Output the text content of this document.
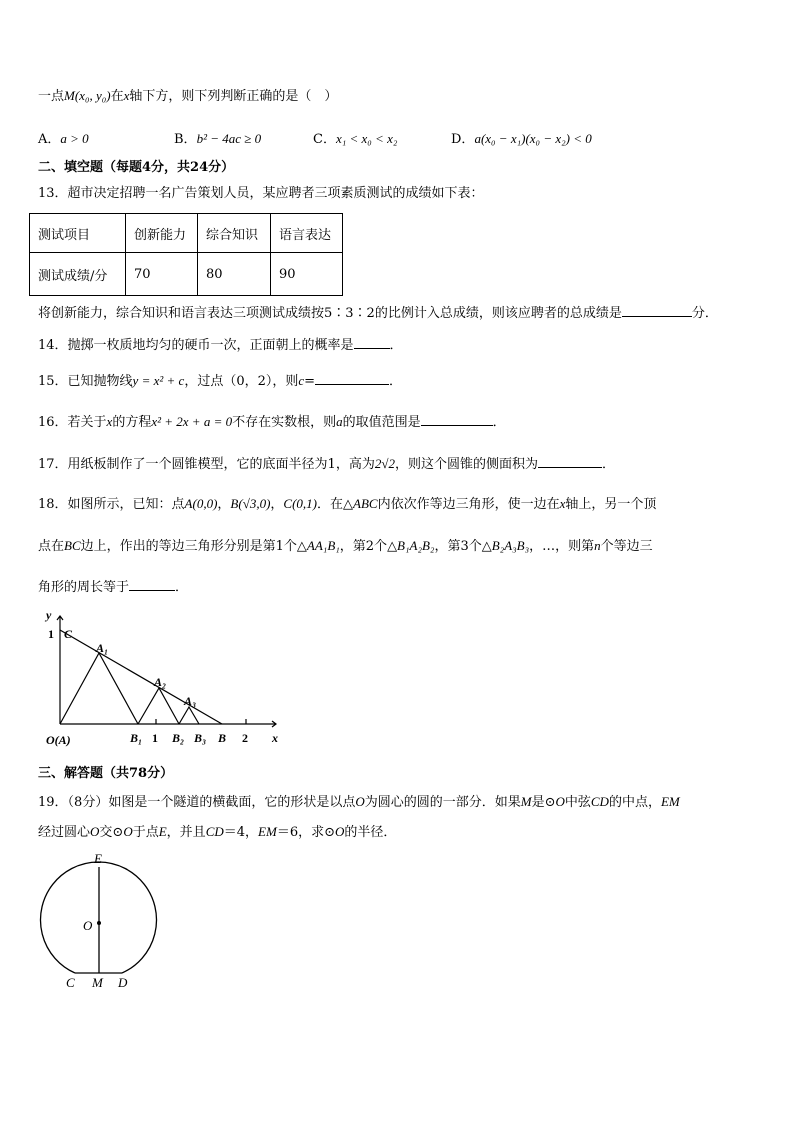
一点M(x₀, y₀)在x轴下方，则下列判断正确的是（　）
A．a > 0	B．b² − 4ac ≥ 0	C．x₁ < x₀ < x₂	D．a(x₀ − x₁)(x₀ − x₂) < 0
二、填空题（每题4分，共24分）
13．超市决定招聘一名广告策划人员，某应聘者三项素质测试的成绩如下表：
测试项目	创新能力	综合知识	语言表达
测试成绩/分	70	80	90
将创新能力，综合知识和语言表达三项测试成绩按5∶3∶2的比例计入总成绩，则该应聘者的总成绩是	分．
14．抛掷一枚质地均匀的硬币一次，正面朝上的概率是	．
15．已知抛物线y = x² + c，过点（0，2），则c=	．
16．若关于x的方程x² + 2x + a = 0不存在实数根，则a的取值范围是	．
17．用纸板制作了一个圆锥模型，它的底面半径为1，高为2√2，则这个圆锥的侧面积为	．
18．如图所示，已知：点A(0,0)，B(√3,0)，C(0,1)．在△ABC内依次作等边三角形，使一边在x轴上，另一个顶
点在BC边上，作出的等边三角形分别是第1个△AA₁B₁，第2个△B₁A₂B₂，第3个△B₂A₃B₃，…，则第n个等边三
角形的周长等于	．
y
x
C
A₁
A₂
A₃
O(A)	B₁ B₂ B₃ B
1
1	2
三、解答题（共78分）
19．（8分）如图是一个隧道的横截面，它的形状是以点O为圆心的圆的一部分．如果M是⊙O中弦CD的中点，EM
经过圆心O交⊙O于点E，并且CD＝4，EM＝6，求⊙O的半径．
E
O
C M D
